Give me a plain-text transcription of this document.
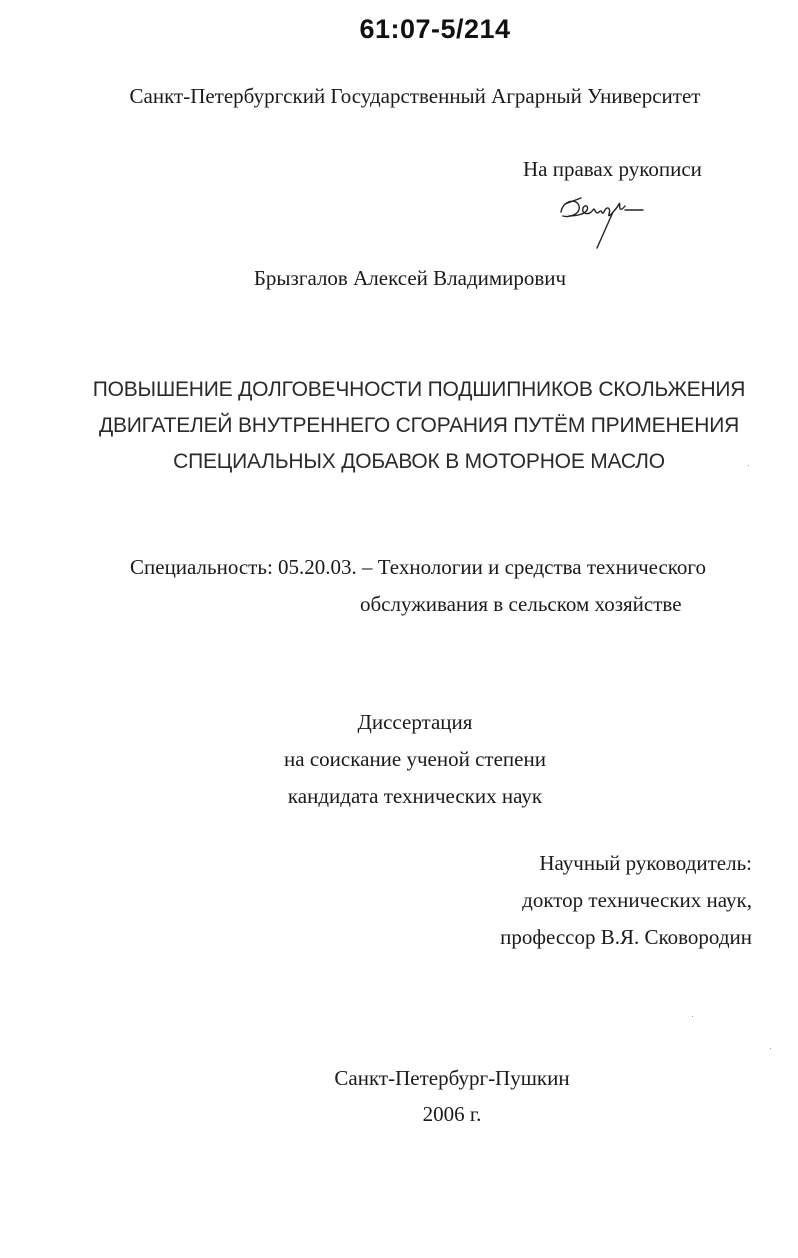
61:07-5/214
Санкт-Петербургский Государственный Аграрный Университет
На правах рукописи
Брызгалов Алексей Владимирович
ПОВЫШЕНИЕ ДОЛГОВЕЧНОСТИ ПОДШИПНИКОВ СКОЛЬЖЕНИЯ
ДВИГАТЕЛЕЙ ВНУТРЕННЕГО СГОРАНИЯ ПУТЁМ ПРИМЕНЕНИЯ
СПЕЦИАЛЬНЫХ ДОБАВОК В МОТОРНОЕ МАСЛО
Специальность: 05.20.03. – Технологии и средства технического
обслуживания в сельском хозяйстве
Диссертация
на соискание ученой степени
кандидата технических наук
Научный руководитель:
доктор технических наук,
профессор В.Я. Сковородин
Санкт-Петербург-Пушкин
2006 г.
